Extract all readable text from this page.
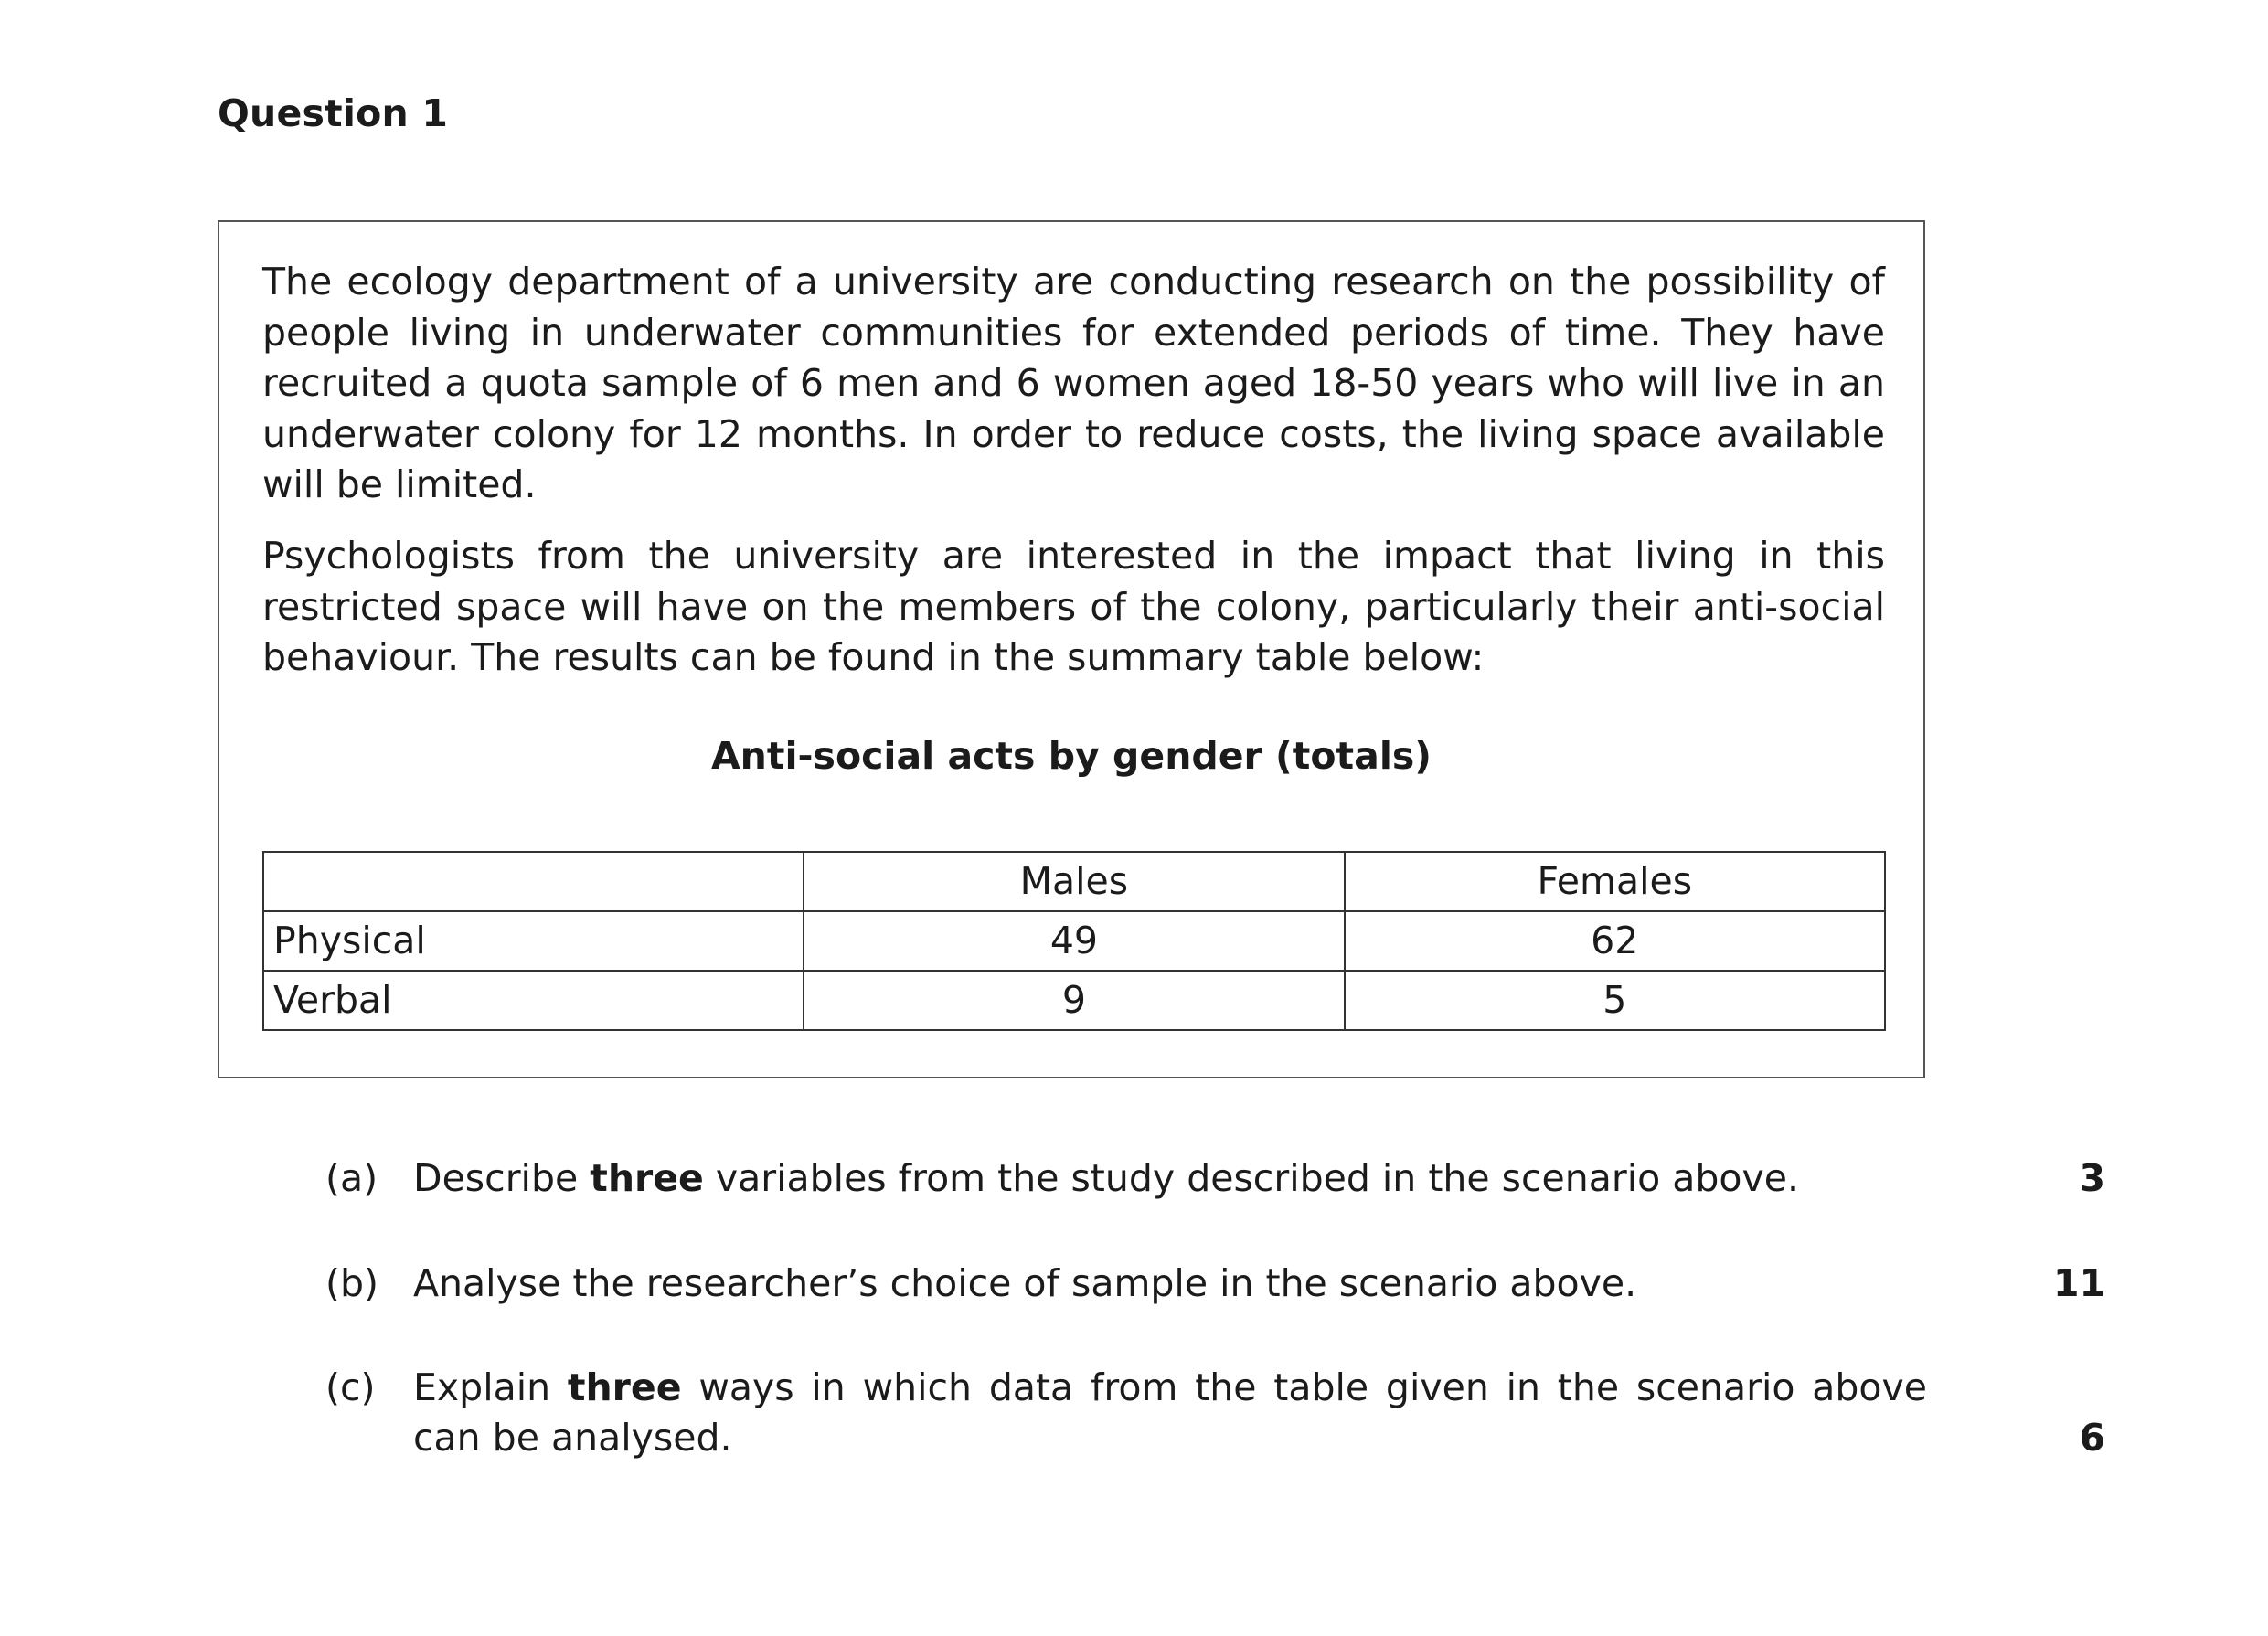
Question 1

The ecology department of a university are conducting research on the possibility of people living in underwater communities for extended periods of time. They have recruited a quota sample of 6 men and 6 women aged 18-50 years who will live in an underwater colony for 12 months. In order to reduce costs, the living space available will be limited.

Psychologists from the university are interested in the impact that living in this restricted space will have on the members of the colony, particularly their anti-social behaviour. The results can be found in the summary table below:

Anti-social acts by gender (totals)
	Males	Females
Physical	49	62
Verbal	9	5
(a) Describe three variables from the study described in the scenario above.	3
(b) Analyse the researcher’s choice of sample in the scenario above.	11
(c)	Explain three ways in which data from the table given in the scenario above can be analysed.	6
